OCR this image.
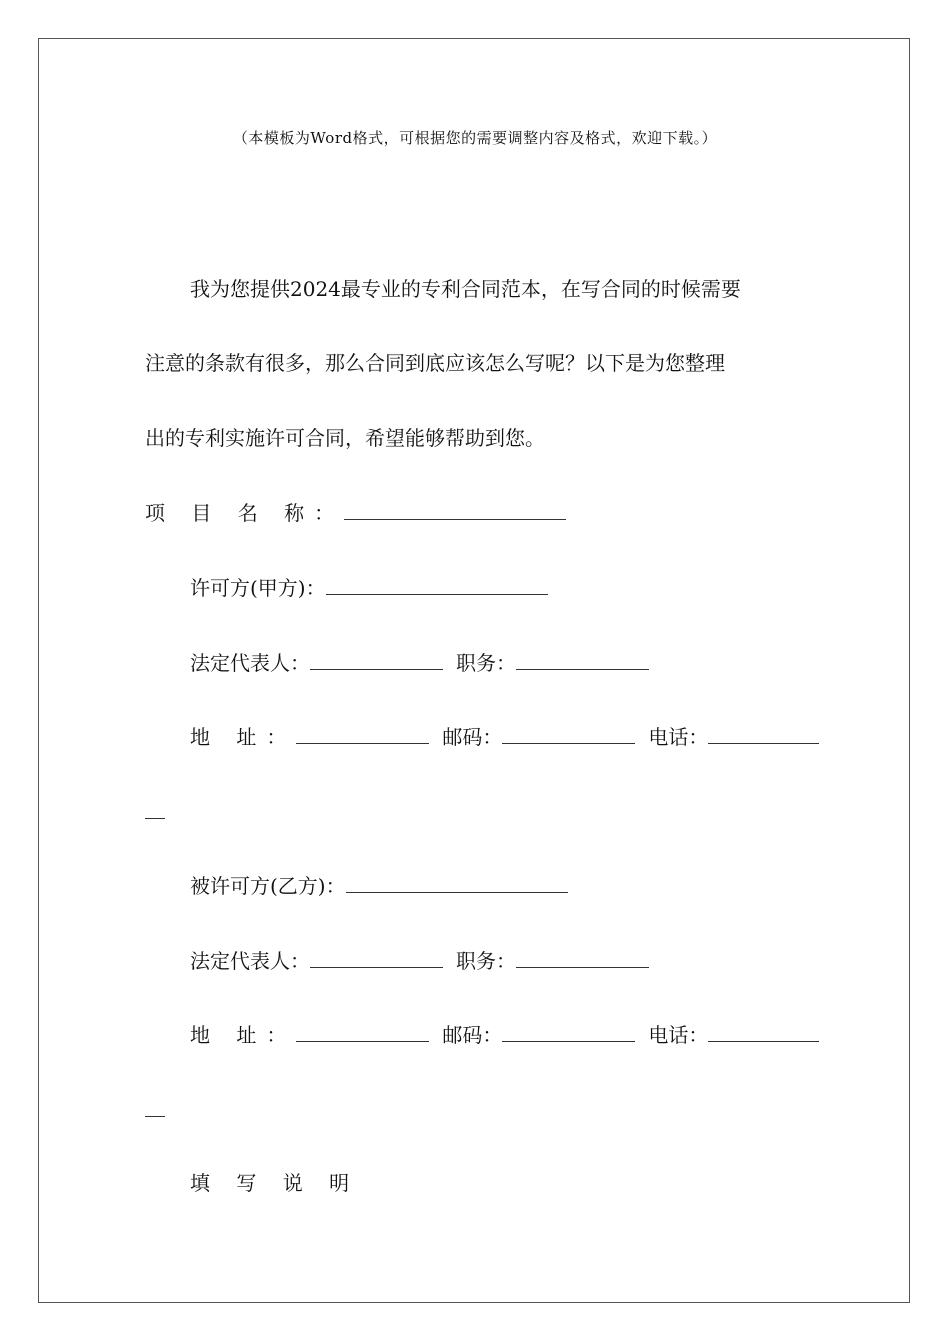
（本模板为Word格式，可根据您的需要调整内容及格式，欢迎下载。）
我为您提供2024最专业的专利合同范本，在写合同的时候需要
注意的条款有很多，那么合同到底应该怎么写呢？以下是为您整理
出的专利实施许可合同，希望能够帮助到您。
项 目 名 称：
许可方(甲方)：
法定代表人：	职务：
地 址：	邮码：	电话：
被许可方(乙方)：
法定代表人：	职务：
地 址：	邮码：	电话：
填 写 说 明
